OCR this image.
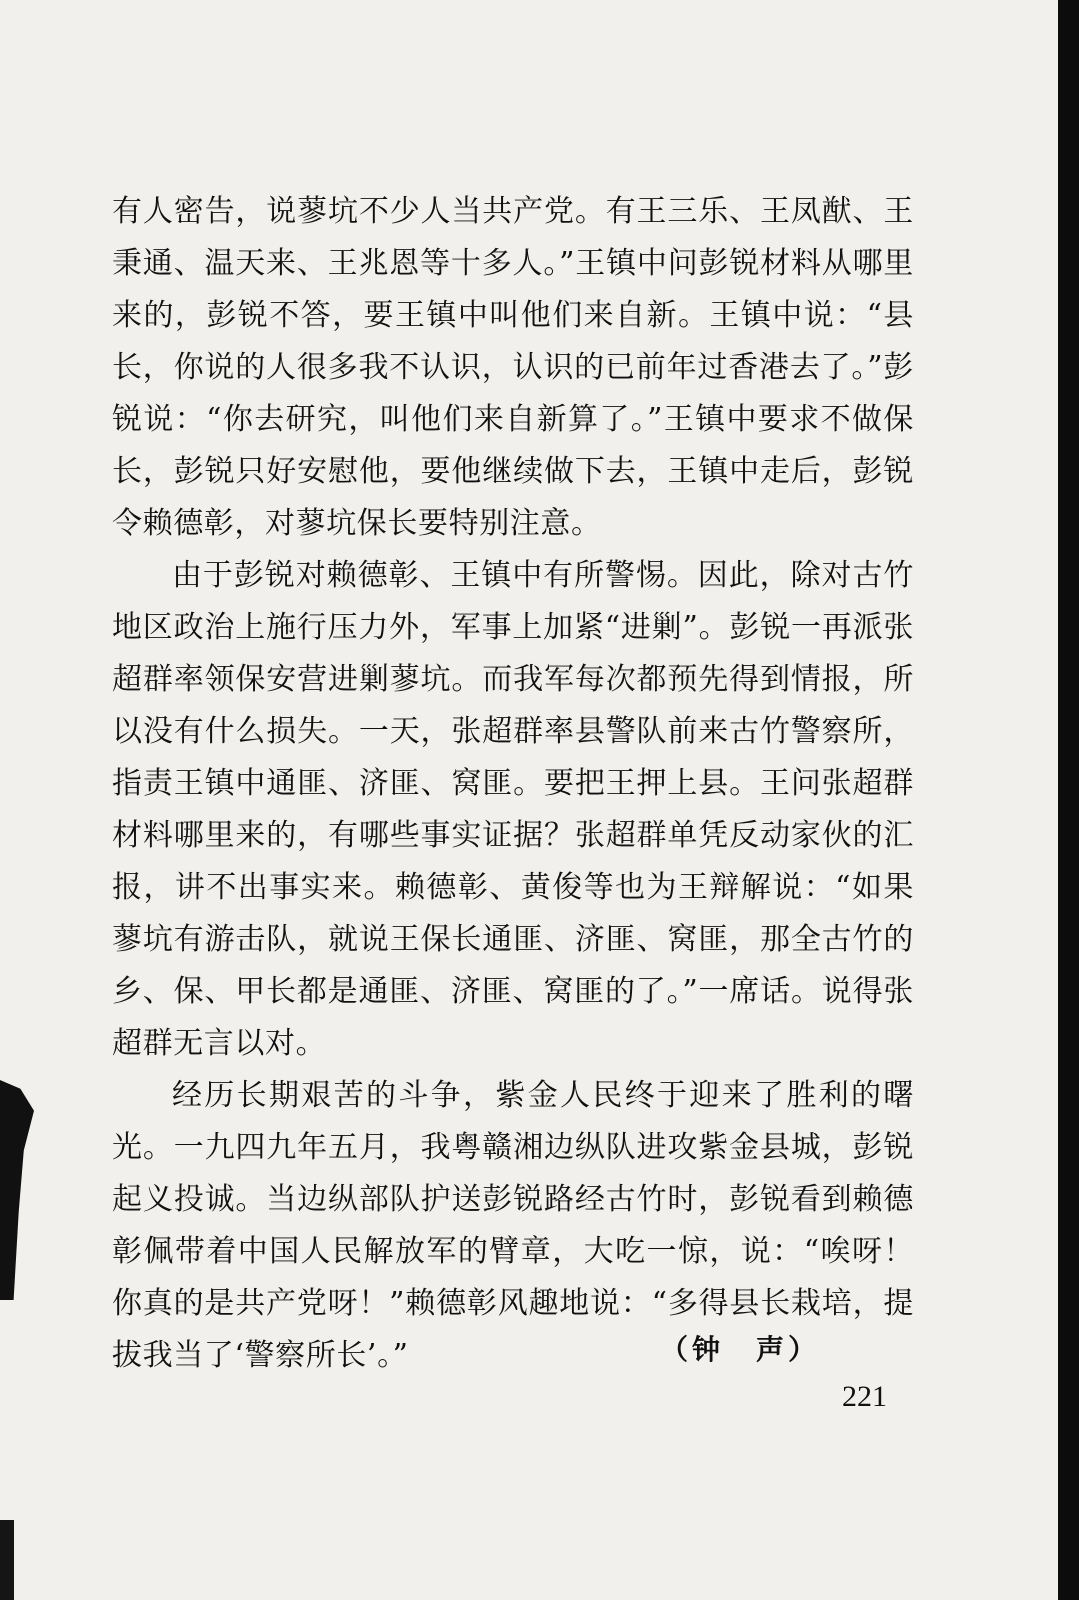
有人密告，说蓼坑不少人当共产党。有王三乐、王凤猷、王秉通、温天来、王兆恩等十多人。”王镇中问彭锐材料从哪里来的，彭锐不答，要王镇中叫他们来自新。王镇中说：“县长，你说的人很多我不认识，认识的已前年过香港去了。”彭锐说：“你去研究，叫他们来自新算了。”王镇中要求不做保长，彭锐只好安慰他，要他继续做下去，王镇中走后，彭锐令赖德彰，对蓼坑保长要特别注意。

由于彭锐对赖德彰、王镇中有所警惕。因此，除对古竹地区政治上施行压力外，军事上加紧“进剿”。彭锐一再派张超群率领保安营进剿蓼坑。而我军每次都预先得到情报，所以没有什么损失。一天，张超群率县警队前来古竹警察所，指责王镇中通匪、济匪、窝匪。要把王押上县。王问张超群材料哪里来的，有哪些事实证据？张超群单凭反动家伙的汇报，讲不出事实来。赖德彰、黄俊等也为王辩解说：“如果蓼坑有游击队，就说王保长通匪、济匪、窝匪，那全古竹的乡、保、甲长都是通匪、济匪、窝匪的了。”一席话。说得张超群无言以对。

经历长期艰苦的斗争，紫金人民终于迎来了胜利的曙光。一九四九年五月，我粤赣湘边纵队进攻紫金县城，彭锐起义投诚。当边纵部队护送彭锐路经古竹时，彭锐看到赖德彰佩带着中国人民解放军的臂章，大吃一惊，说：“唉呀！你真的是共产党呀！”赖德彰风趣地说：“多得县长栽培，提拔我当了‘警察所长’。”	（钟　声）
221
